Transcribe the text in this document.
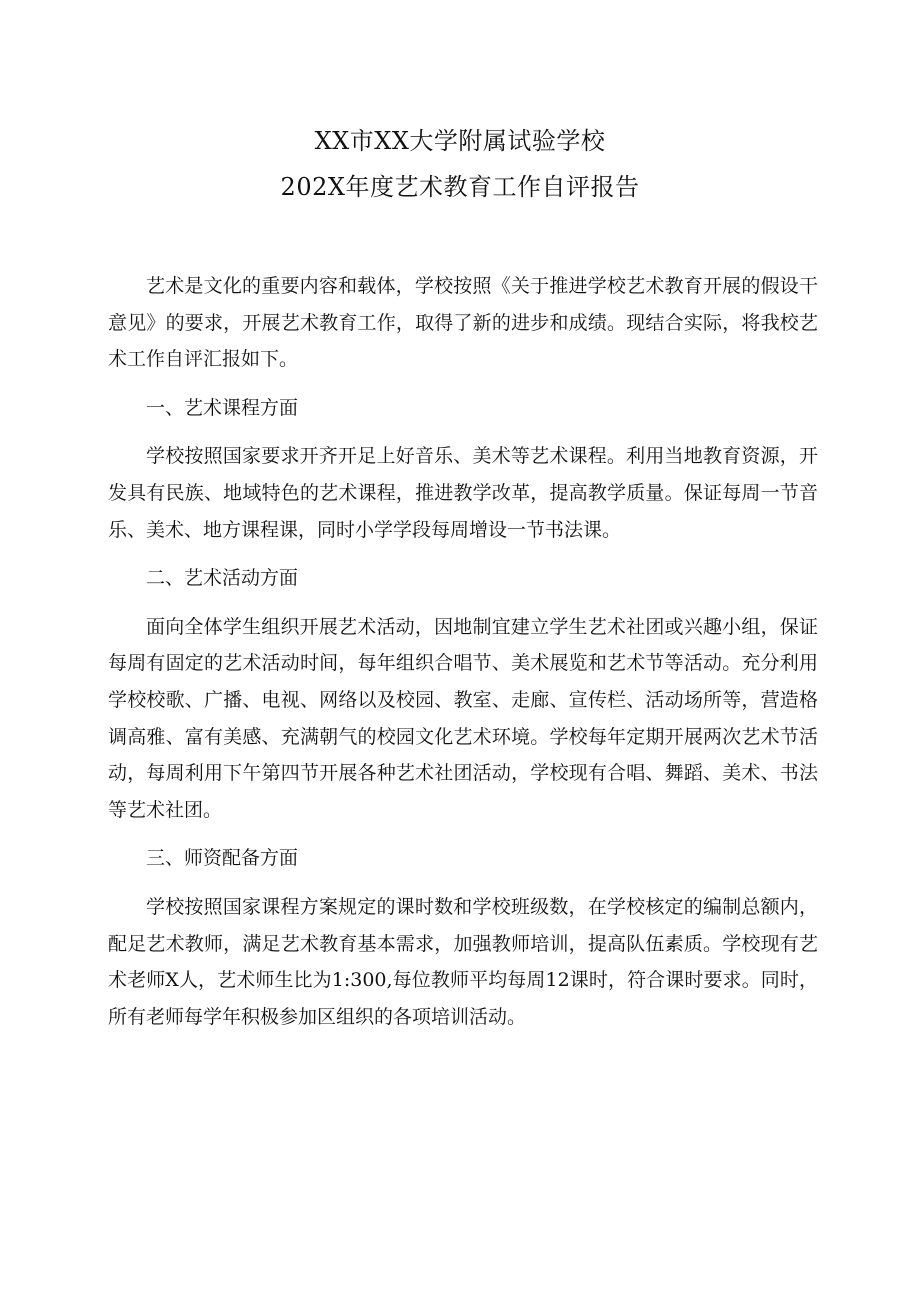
XX市XX大学附属试验学校
202X年度艺术教育工作自评报告

艺术是文化的重要内容和载体，学校按照《关于推进学校艺术教育开展的假设干意见》的要求，开展艺术教育工作，取得了新的进步和成绩。现结合实际，将我校艺术工作自评汇报如下。

一、艺术课程方面

学校按照国家要求开齐开足上好音乐、美术等艺术课程。利用当地教育资源，开发具有民族、地域特色的艺术课程，推进教学改革，提高教学质量。保证每周一节音乐、美术、地方课程课，同时小学学段每周增设一节书法课。

二、艺术活动方面

面向全体学生组织开展艺术活动，因地制宜建立学生艺术社团或兴趣小组，保证每周有固定的艺术活动时间，每年组织合唱节、美术展览和艺术节等活动。充分利用学校校歌、广播、电视、网络以及校园、教室、走廊、宣传栏、活动场所等，营造格调高雅、富有美感、充满朝气的校园文化艺术环境。学校每年定期开展两次艺术节活动，每周利用下午第四节开展各种艺术社团活动，学校现有合唱、舞蹈、美术、书法等艺术社团。

三、师资配备方面

学校按照国家课程方案规定的课时数和学校班级数，在学校核定的编制总额内，配足艺术教师，满足艺术教育基本需求，加强教师培训，提高队伍素质。学校现有艺术老师X人，艺术师生比为1:300,每位教师平均每周12课时，符合课时要求。同时，所有老师每学年积极参加区组织的各项培训活动。
